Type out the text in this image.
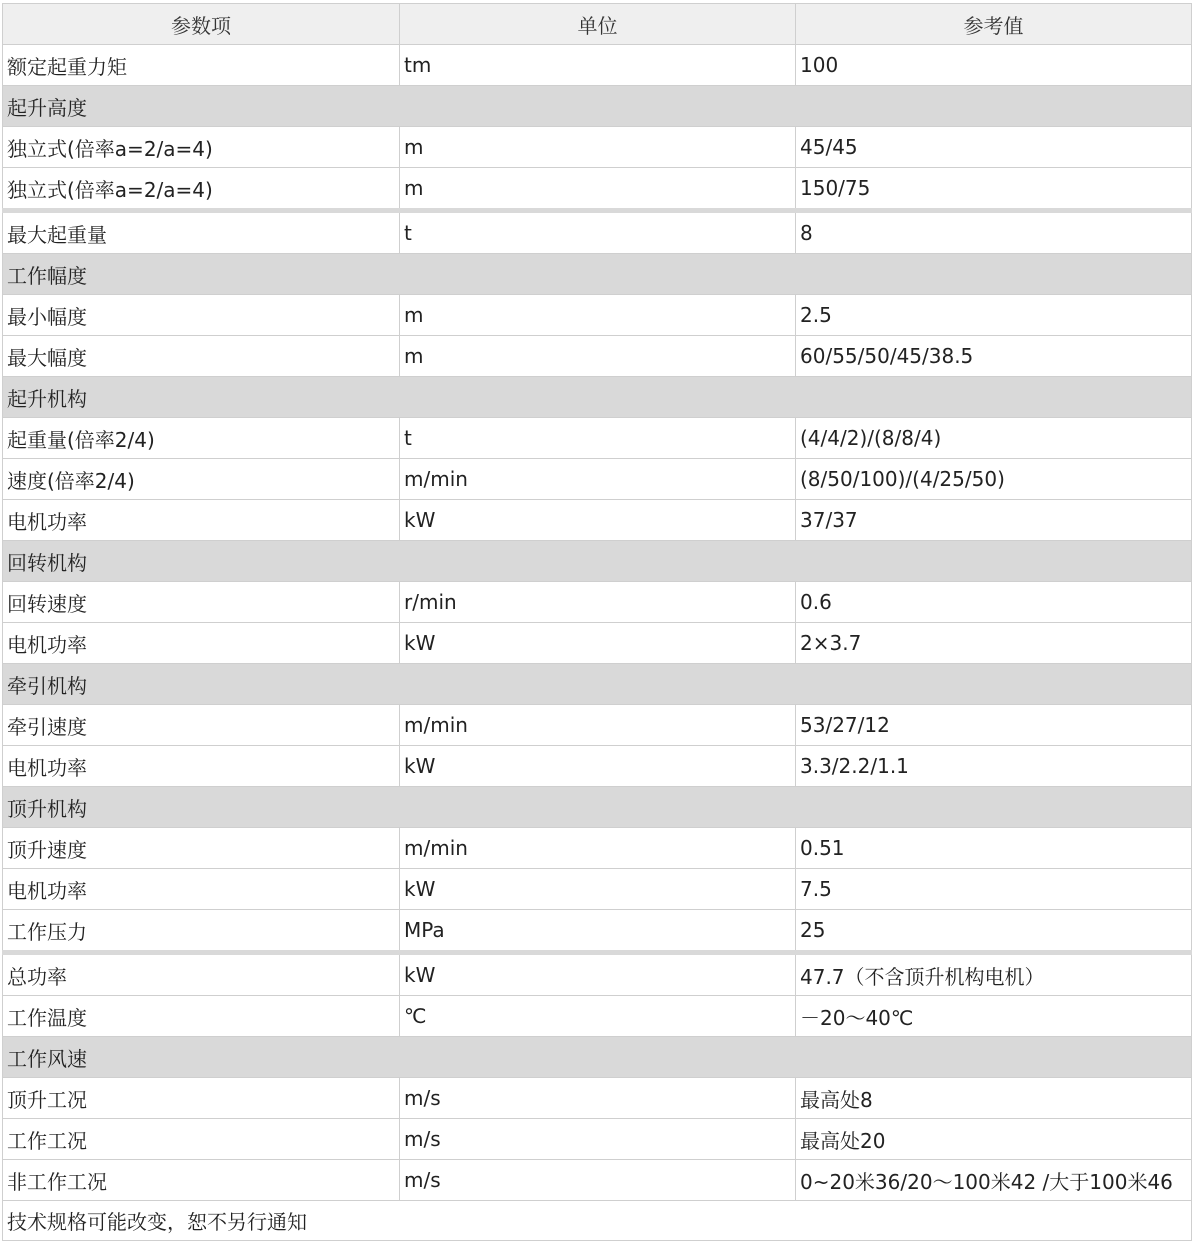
参数项	单位	参考值
额定起重力矩	tm	100
起升高度		
独立式(倍率a=2/a=4)	m	45/45
独立式(倍率a=2/a=4)	m	150/75
最大起重量	t	8
工作幅度		
最小幅度	m	2.5
最大幅度	m	60/55/50/45/38.5
起升机构		
起重量(倍率2/4)	t	(4/4/2)/(8/8/4)
速度(倍率2/4)	m/min	(8/50/100)/(4/25/50)
电机功率	kW	37/37
回转机构		
回转速度	r/min	0.6
电机功率	kW	2×3.7
牵引机构		
牵引速度	m/min	53/27/12
电机功率	kW	3.3/2.2/1.1
顶升机构		
顶升速度	m/min	0.51
电机功率	kW	7.5
工作压力	MPa	25
总功率	kW	47.7（不含顶升机构电机）
工作温度	℃	－20～40℃
工作风速		
顶升工况	m/s	最高处8
工作工况	m/s	最高处20
非工作工况	m/s	0~20米36/20～100米42 /大于100米46
技术规格可能改变，恕不另行通知		
